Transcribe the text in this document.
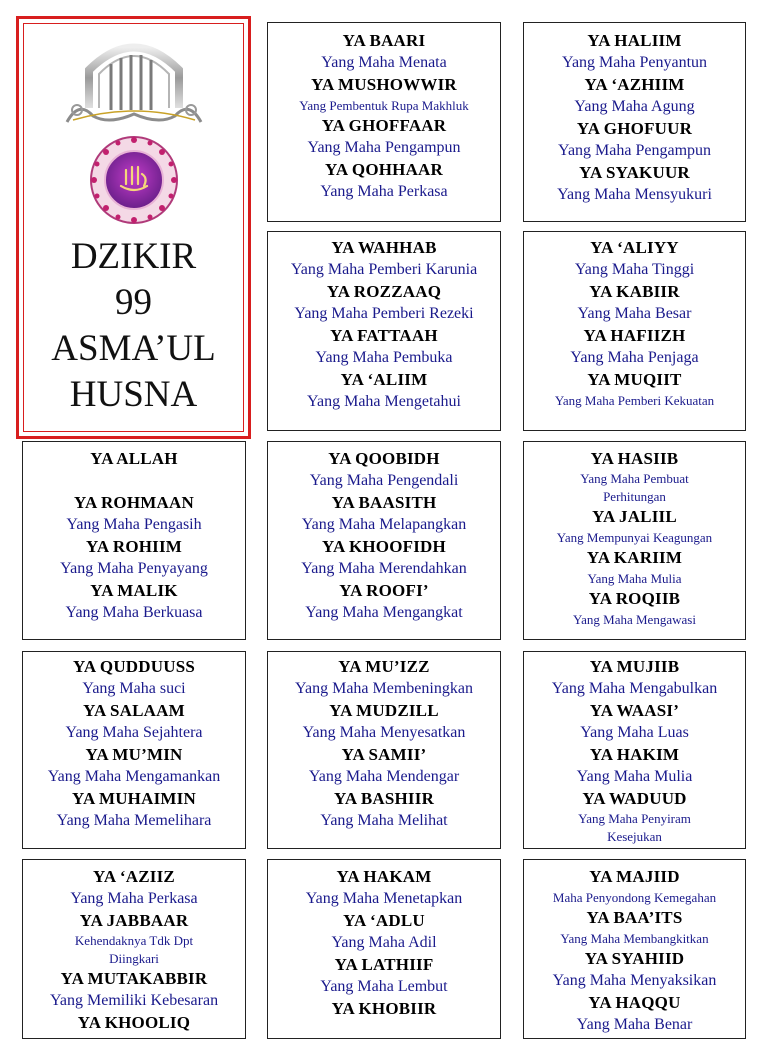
DZIKIR
99
ASMA’UL
HUSNA
YA BAARI
Yang Maha Menata
YA MUSHOWWIR
Yang Pembentuk Rupa Makhluk
YA GHOFFAAR
Yang Maha Pengampun
YA QOHHAAR
Yang Maha Perkasa
YA HALIIM
Yang Maha Penyantun
YA ‘AZHIIM
Yang Maha Agung
YA GHOFUUR
Yang Maha Pengampun
YA SYAKUUR
Yang Maha Mensyukuri
YA WAHHAB
Yang Maha Pemberi Karunia
YA ROZZAAQ
Yang Maha Pemberi Rezeki
YA FATTAAH
Yang Maha Pembuka
YA ‘ALIIM
Yang Maha Mengetahui
YA ‘ALIYY
Yang Maha Tinggi
YA KABIIR
Yang Maha Besar
YA HAFIIZH
Yang Maha Penjaga
YA MUQIIT
Yang Maha Pemberi Kekuatan
YA ALLAH
YA ROHMAAN
Yang Maha Pengasih
YA ROHIIM
Yang Maha Penyayang
YA MALIK
Yang Maha Berkuasa
YA QOOBIDH
Yang Maha Pengendali
YA BAASITH
Yang Maha Melapangkan
YA KHOOFIDH
Yang Maha Merendahkan
YA ROOFI’
Yang Maha Mengangkat
YA HASIIB
Yang Maha Pembuat Perhitungan
YA JALIIL
Yang Mempunyai Keagungan
YA KARIIM
Yang Maha Mulia
YA ROQIIB
Yang Maha Mengawasi
YA QUDDUUSS
Yang Maha suci
YA SALAAM
Yang Maha Sejahtera
YA MU’MIN
Yang Maha Mengamankan
YA MUHAIMIN
Yang Maha Memelihara
YA MU’IZZ
Yang Maha Membeningkan
YA MUDZILL
Yang Maha Menyesatkan
YA SAMII’
Yang Maha Mendengar
YA BASHIIR
Yang Maha Melihat
YA MUJIIB
Yang Maha Mengabulkan
YA WAASI’
Yang Maha Luas
YA HAKIM
Yang Maha Mulia
YA WADUUD
Yang Maha Penyiram Kesejukan
YA ‘AZIIZ
Yang Maha Perkasa
YA JABBAAR
Kehendaknya Tdk Dpt Diingkari
YA MUTAKABBIR
Yang Memiliki Kebesaran
YA KHOOLIQ
YA HAKAM
Yang Maha Menetapkan
YA ‘ADLU
Yang Maha Adil
YA LATHIIF
Yang Maha Lembut
YA KHOBIIR
YA MAJIID
Maha Penyondong Kemegahan
YA BAA’ITS
Yang Maha Membangkitkan
YA SYAHIID
Yang Maha Menyaksikan
YA HAQQU
Yang Maha Benar
